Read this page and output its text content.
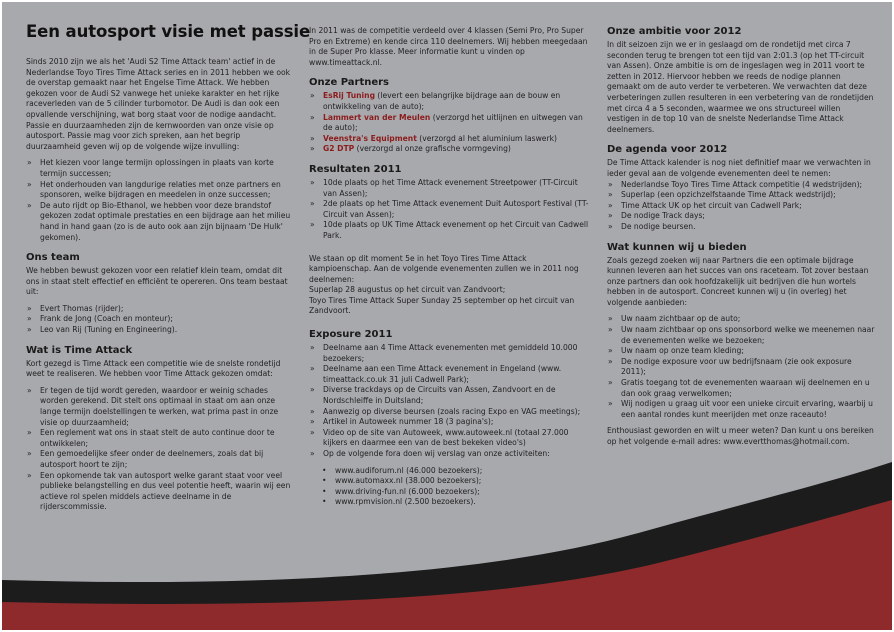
Een autosport visie met passie

Sinds 2010 zijn we als het 'Audi S2 Time Attack team' actief in de Nederlandse Toyo Tires Time Attack series en in 2011 hebben we ook de overstap gemaakt naar het Engelse Time Attack. We hebben gekozen voor de Audi S2 vanwege het unieke karakter en het rijke raceverleden van de 5 cilinder turbomotor. De Audi is dan ook een opvallende verschijning, wat borg staat voor de nodige aandacht. Passie en duurzaamheden zijn de kernwoorden van onze visie op autosport. Passie mag voor zich spreken, aan het begrip duurzaamheid geven wij op de volgende wijze invulling:

» Het kiezen voor lange termijn oplossingen in plaats van korte termijn successen;
» Het onderhouden van langdurige relaties met onze partners en sponsoren, welke bijdragen en meedelen in onze successen;
» De auto rijdt op Bio-Ethanol, we hebben voor deze brandstof gekozen zodat optimale prestaties en een bijdrage aan het milieu hand in hand gaan (zo is de auto ook aan zijn bijnaam 'De Hulk' gekomen).
Ons team

We hebben bewust gekozen voor een relatief klein team, omdat dit ons in staat stelt effectief en efficiënt te opereren. Ons team bestaat uit:

» Evert Thomas (rijder);
» Frank de Jong (Coach en monteur);
» Leo van Rij (Tuning en Engineering).
Wat is Time Attack

Kort gezegd is Time Attack een competitie wie de snelste rondetijd weet te realiseren. We hebben voor Time Attack gekozen omdat:

» Er tegen de tijd wordt gereden, waardoor er weinig schades worden gerekend. Dit stelt ons optimaal in staat om aan onze lange termijn doelstellingen te werken, wat prima past in onze visie op duurzaamheid;
» Een reglement wat ons in staat stelt de auto continue door te ontwikkelen;
» Een gemoedelijke sfeer onder de deelnemers, zoals dat bij autosport hoort te zijn;
» Een opkomende tak van autosport welke garant staat voor veel publieke belangstelling en dus veel potentie heeft, waarin wij een actieve rol spelen middels actieve deelname in de rijderscommissie.

In 2011 was de competitie verdeeld over 4 klassen (Semi Pro, Pro Super Pro en Extreme) en kende circa 110 deelnemers. Wij hebben meegedaan in de Super Pro klasse. Meer informatie kunt u vinden op www.timeattack.nl.

Onze Partners
» EsRij Tuning (levert een belangrijke bijdrage aan de bouw en ontwikkeling van de auto);
» Lammert van der Meulen (verzorgd het uitlijnen en uitwegen van de auto);
» Veenstra's Equipment (verzorgd al het aluminium laswerk)
» G2 DTP (verzorgd al onze grafische vormgeving)
Resultaten 2011
» 10de plaats op het Time Attack evenement Streetpower (TT-Circuit van Assen);
» 2de plaats op het Time Attack evenement Duit Autosport Festival (TT-Circuit van Assen);
» 10de plaats op UK Time Attack evenement op het Circuit van Cadwell Park.

We staan op dit moment 5e in het Toyo Tires Time Attack kampioenschap. Aan de volgende evenementen zullen we in 2011 nog deelnemen:
Superlap 28 augustus op het circuit van Zandvoort;
Toyo Tires Time Attack Super Sunday 25 september op het circuit van Zandvoort.

Exposure 2011
» Deelname aan 4 Time Attack evenementen met gemiddeld 10.000 bezoekers;
» Deelname aan een Time Attack evenement in Engeland (www. timeattack.co.uk 31 juli Cadwell Park);
» Diverse trackdays op de Circuits van Assen, Zandvoort en de Nordschleiffe in Duitsland;
» Aanwezig op diverse beursen (zoals racing Expo en VAG meetings);
» Artikel in Autoweek nummer 18 (3 pagina's);
» Video op de site van Autoweek, www.autoweek.nl (totaal 27.000 kijkers en daarmee een van de best bekeken video's)
» Op de volgende fora doen wij verslag van onze activiteiten:
• www.audiforum.nl (46.000 bezoekers);
• www.automaxx.nl (38.000 bezoekers);
• www.driving-fun.nl (6.000 bezoekers);
• www.rpmvision.nl (2.500 bezoekers).
Onze ambitie voor 2012

In dit seizoen zijn we er in geslaagd om de rondetijd met circa 7 seconden terug te brengen tot een tijd van 2:01.3 (op het TT-circuit van Assen). Onze ambitie is om de ingeslagen weg in 2011 voort te zetten in 2012. Hiervoor hebben we reeds de nodige plannen gemaakt om de auto verder te verbeteren. We verwachten dat deze verbeteringen zullen resulteren in een verbetering van de rondetijden met circa 4 a 5 seconden, waarmee we ons structureel willen vestigen in de top 10 van de snelste Nederlandse Time Attack deelnemers.

De agenda voor 2012

De Time Attack kalender is nog niet definitief maar we verwachten in ieder geval aan de volgende evenementen deel te nemen:

» Nederlandse Toyo Tires Time Attack competitie (4 wedstrijden);
» Superlap (een opzichzelfstaande Time Attack wedstrijd);
» Time Attack UK op het circuit van Cadwell Park;
» De nodige Track days;
» De nodige beursen.
Wat kunnen wij u bieden

Zoals gezegd zoeken wij naar Partners die een optimale bijdrage kunnen leveren aan het succes van ons raceteam. Tot zover bestaan onze partners dan ook hoofdzakelijk uit bedrijven die hun wortels hebben in de autosport. Concreet kunnen wij u (in overleg) het volgende aanbieden:

» Uw naam zichtbaar op de auto;
» Uw naam zichtbaar op ons sponsorbord welke we meenemen naar de evenementen welke we bezoeken;
» Uw naam op onze team kleding;
» De nodige exposure voor uw bedrijfsnaam (zie ook exposure 2011);
» Gratis toegang tot de evenementen waaraan wij deelnemen en u dan ook graag verwelkomen;
» Wij nodigen u graag uit voor een unieke circuit ervaring, waarbij u een aantal rondes kunt meerijden met onze raceauto!

Enthousiast geworden en wilt u meer weten? Dan kunt u ons bereiken op het volgende e-mail adres: www.evertthomas@hotmail.com.
